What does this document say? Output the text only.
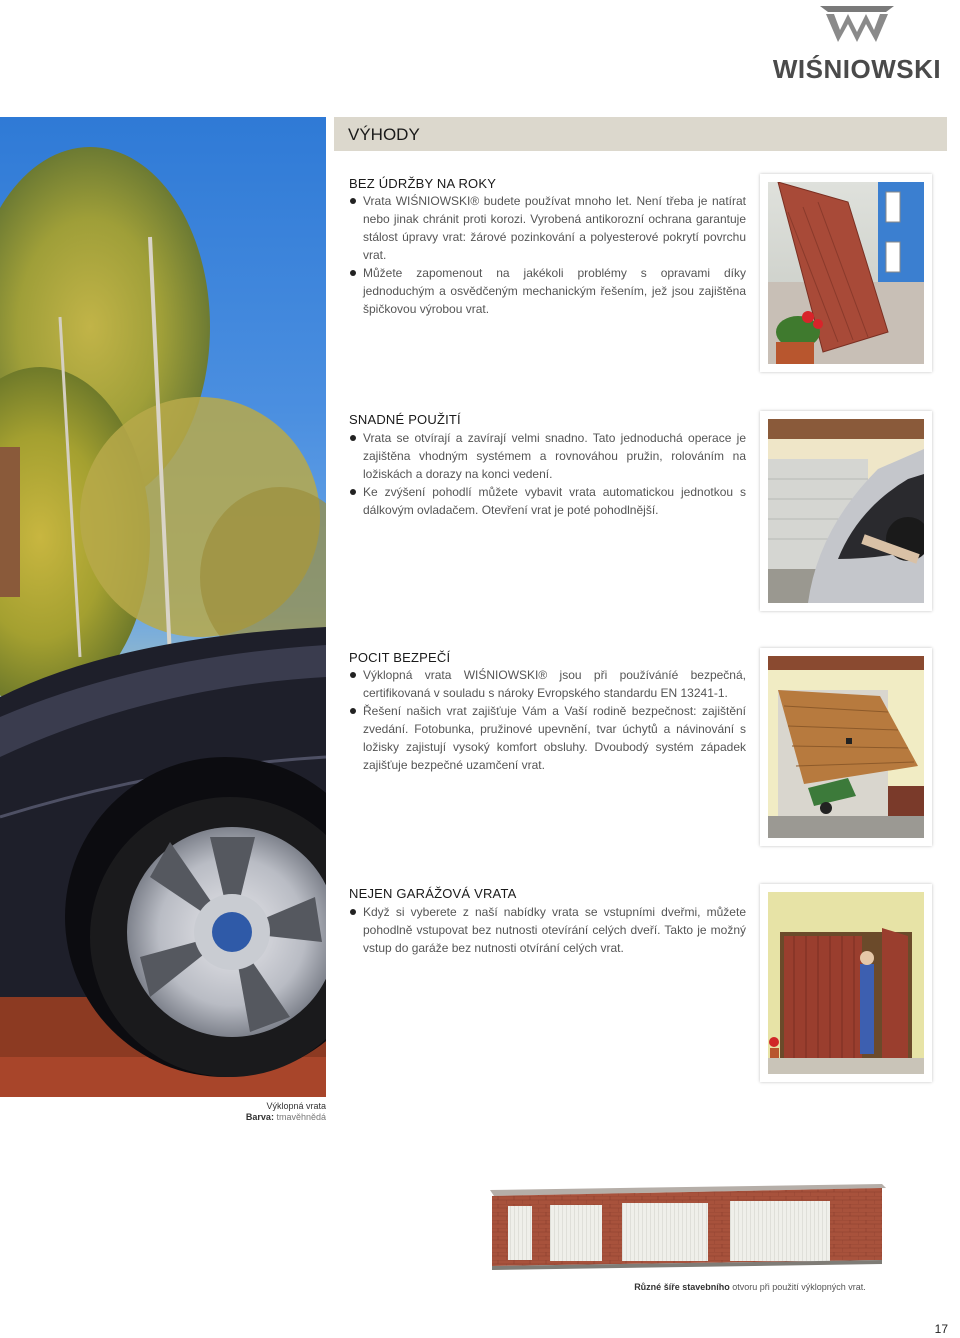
WIŚNIOWSKI
VÝHODY
BEZ ÚDRŽBY NA ROKY
Vrata WIŚNIOWSKI® budete používat mnoho let. Není třeba je natírat nebo jinak chránit proti korozi. Vyrobená antikorozní ochrana garantuje stálost úpravy vrat: žárové pozinkování a polyesterové pokrytí povrchu vrat.
Můžete zapomenout na jakékoli problémy s opravami díky jednoduchým a osvědčeným mechanickým řešením, jež jsou zajištěna špičkovou výrobou vrat.
SNADNÉ POUŽITÍ
Vrata se otvírají a zavírají velmi snadno. Tato jednoduchá operace je zajištěna vhodným systémem a rovnováhou pružin, rolováním na ložiskách a dorazy na konci vedení.
Ke zvýšení pohodlí můžete vybavit vrata automatickou jednotkou s dálkovým ovladačem. Otevření vrat je poté pohodlnější.
POCIT BEZPEČÍ
Výklopná vrata WIŚNIOWSKI® jsou při používáníé bezpečná, certifikovaná v souladu s nároky Evropského standardu EN 13241-1.
Řešení našich vrat zajišťuje Vám a Vaší rodině bezpečnost: zajištění zvedání. Fotobunka, pružinové upevnění, tvar úchytů a návinování s ložisky zajistují vysoký komfort obsluhy. Dvoubodý systém západek zajišťuje bezpečné uzamčení vrat.
NEJEN GARÁŽOVÁ VRATA
Když si vyberete z naší nabídky vrata se vstupními dveřmi, můžete pohodlně vstupovat bez nutnosti otevírání celých dveří. Takto je možný vstup do garáže bez nutnosti otvírání celých vrat.
Výklopná vrata
Barva: tmavěhnědá
Různé šíře stavebního otvoru při použití výklopných vrat.
17
